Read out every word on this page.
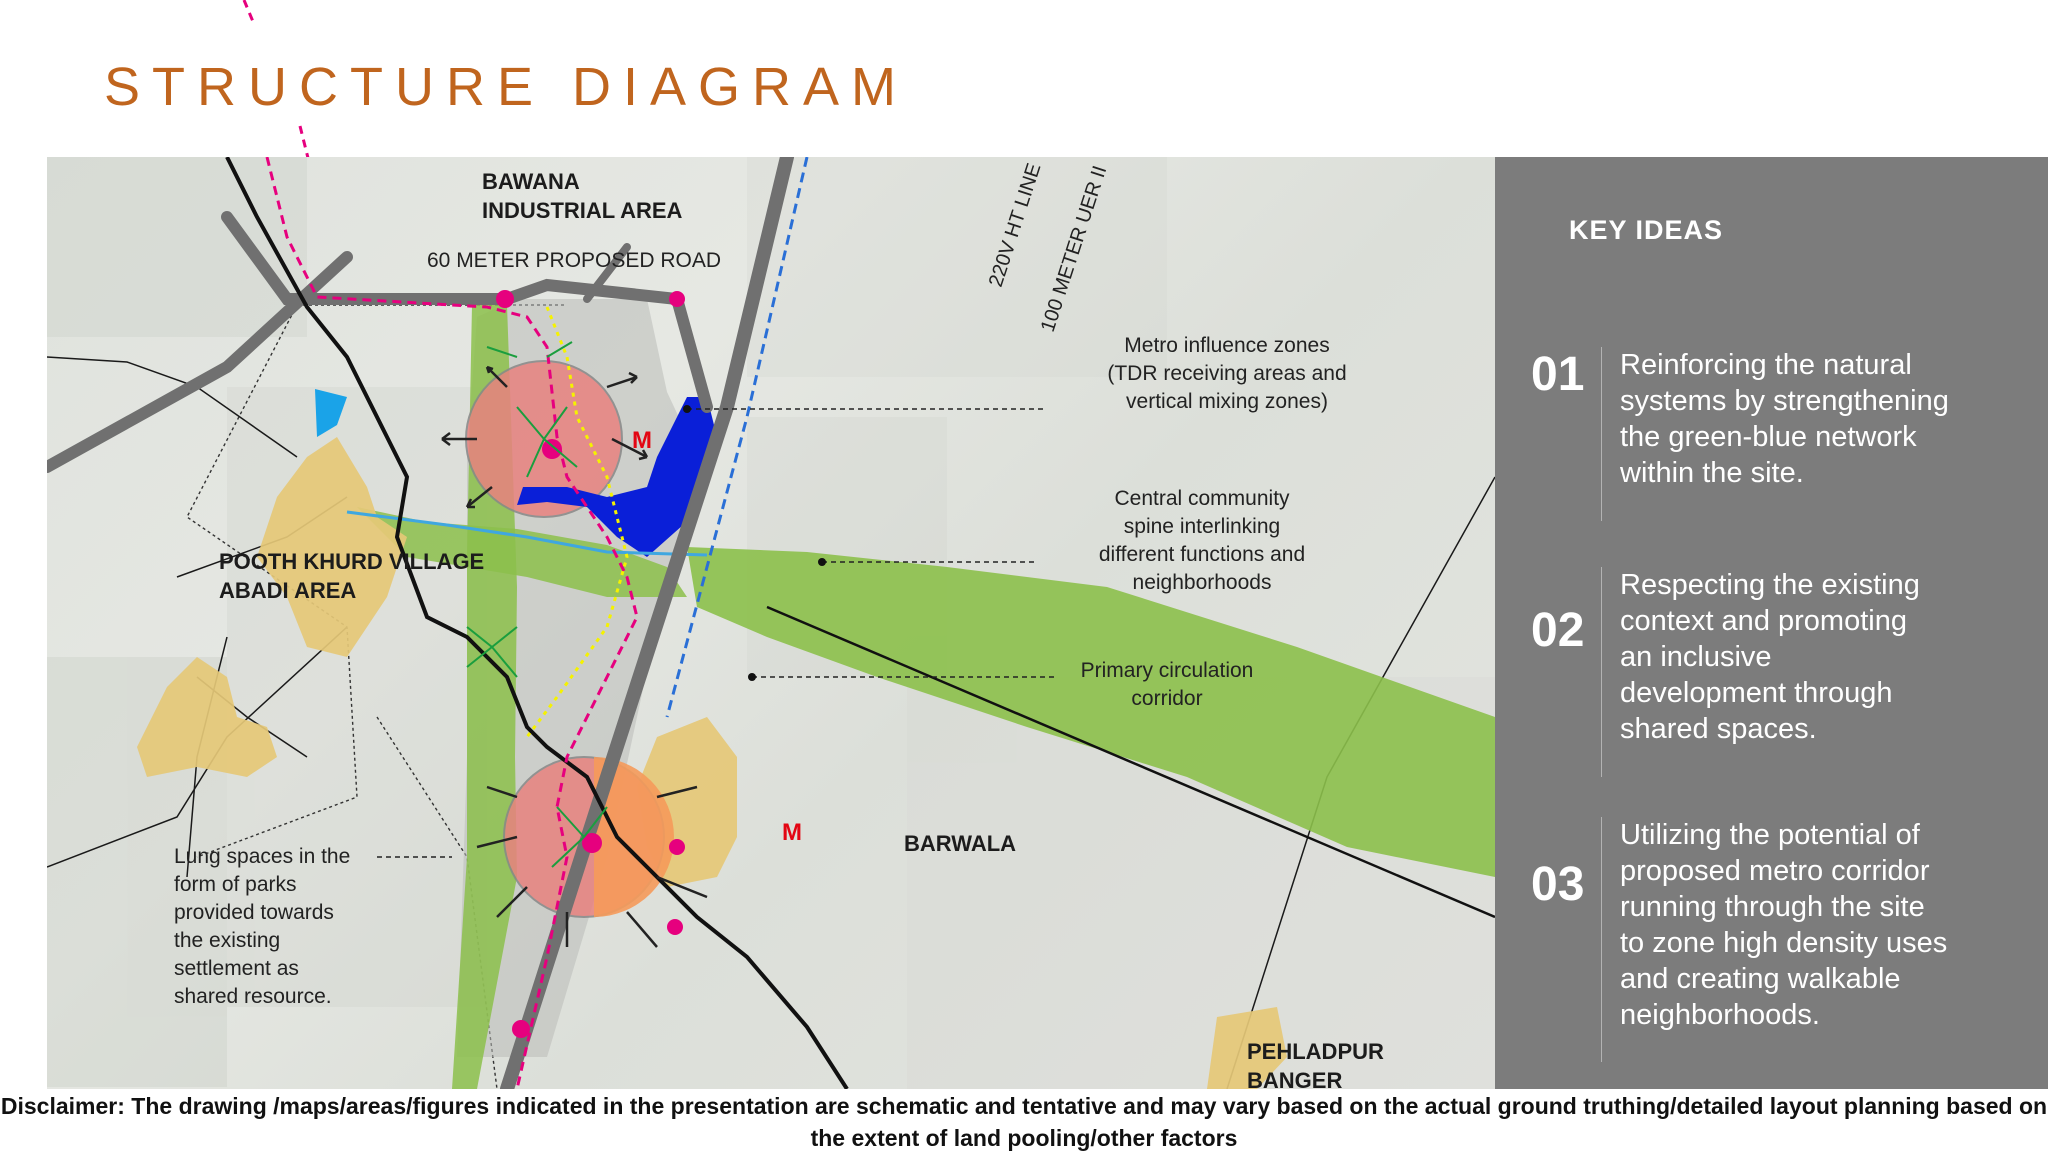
STRUCTURE DIAGRAM
BAWANA
INDUSTRIAL AREA
60 METER PROPOSED ROAD	220V HT LINE
100 METER UER II
Metro influence zones
(TDR receiving areas and
vertical mixing zones)
Central community
spine interlinking
different functions and
neighborhoods
POOTH KHURD VILLAGE
ABADI AREA
Primary circulation
corridor
BARWALA
Lung spaces in the
form of parks
provided towards
the existing
settlement as
shared resource.
PEHLADPUR
BANGER
M
M
KEY IDEAS
01 Reinforcing the natural
systems by strengthening
the green-blue network
within the site.
02
Respecting the existing
context and promoting
an inclusive
development through
shared spaces.
03
Utilizing the potential of
proposed metro corridor
running through the site
to zone high density uses
and creating walkable
neighborhoods.
Disclaimer: The drawing /maps/areas/figures indicated in the presentation are schematic and tentative and may vary based on the actual ground truthing/detailed layout planning based on the extent of land pooling/other factors
